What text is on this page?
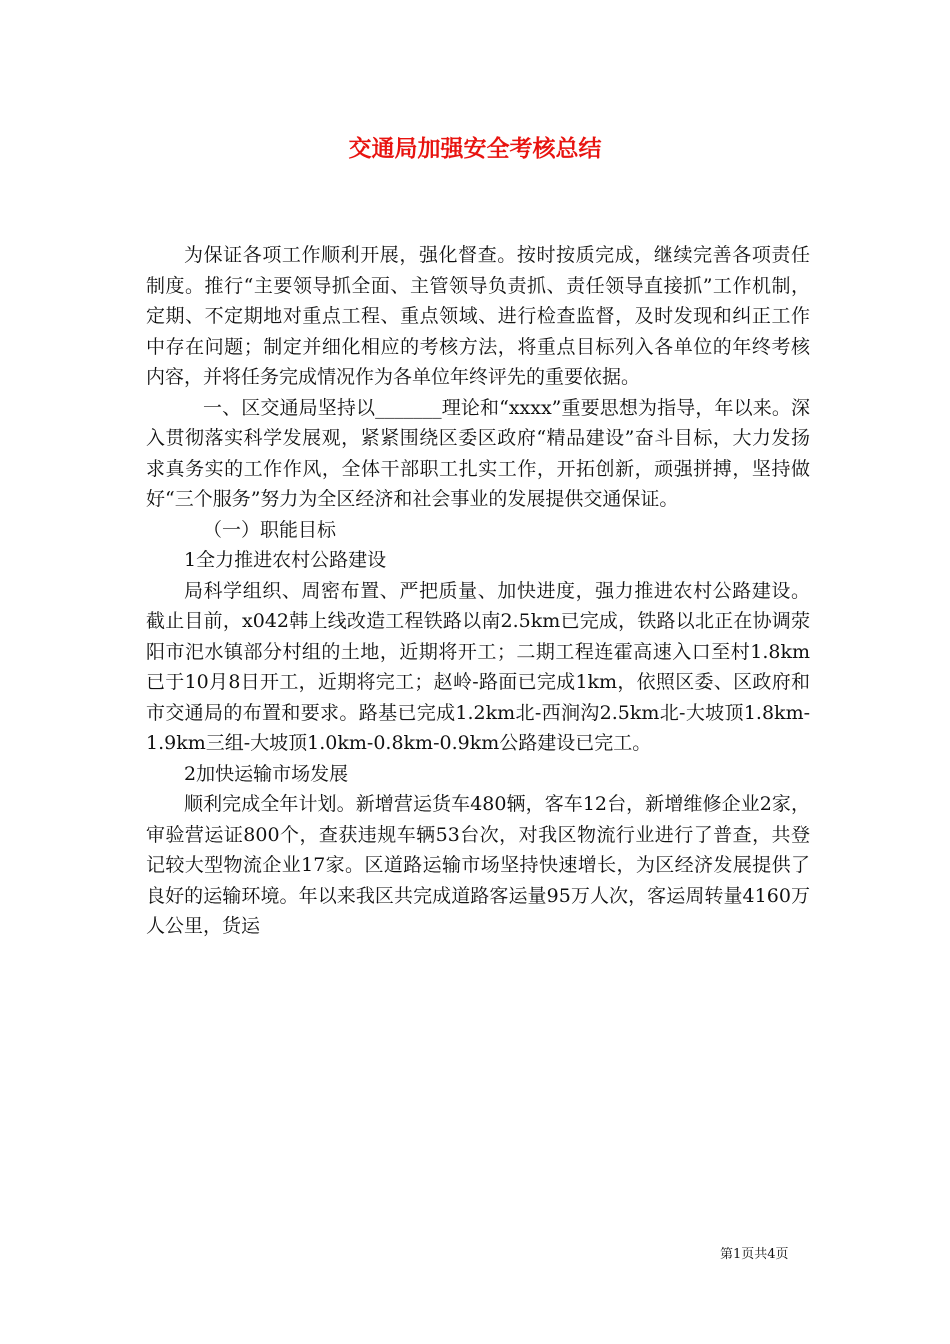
交通局加强安全考核总结

为保证各项工作顺利开展，强化督查。按时按质完成，继续完善各项责任制度。推行“主要领导抓全面、主管领导负责抓、责任领导直接抓”工作机制，定期、不定期地对重点工程、重点领域、进行检查监督，及时发现和纠正工作中存在问题；制定并细化相应的考核方法，将重点目标列入各单位的年终考核内容，并将任务完成情况作为各单位年终评先的重要依据。

一、区交通局坚持以_______理论和“xxxx”重要思想为指导，年以来。深入贯彻落实科学发展观，紧紧围绕区委区政府“精品建设”奋斗目标，大力发扬求真务实的工作作风，全体干部职工扎实工作，开拓创新，顽强拼搏，坚持做好“三个服务”努力为全区经济和社会事业的发展提供交通保证。

（一）职能目标

1全力推进农村公路建设

局科学组织、周密布置、严把质量、加快进度，强力推进农村公路建设。截止目前，x042韩上线改造工程铁路以南2.5km已完成，铁路以北正在协调荥阳市汜水镇部分村组的土地，近期将开工；二期工程连霍高速入口至村1.8km已于10月8日开工，近期将完工；赵岭-路面已完成1km，依照区委、区政府和市交通局的布置和要求。路基已完成1.2km北-西涧沟2.5km北-大坡顶1.8km-1.9km三组-大坡顶1.0km-0.8km-0.9km公路建设已完工。

2加快运输市场发展

顺利完成全年计划。新增营运货车480辆，客车12台，新增维修企业2家，审验营运证800个，查获违规车辆53台次，对我区物流行业进行了普查，共登记较大型物流企业17家。区道路运输市场坚持快速增长，为区经济发展提供了良好的运输环境。年以来我区共完成道路客运量95万人次，客运周转量4160万人公里，货运

第1页共4页
